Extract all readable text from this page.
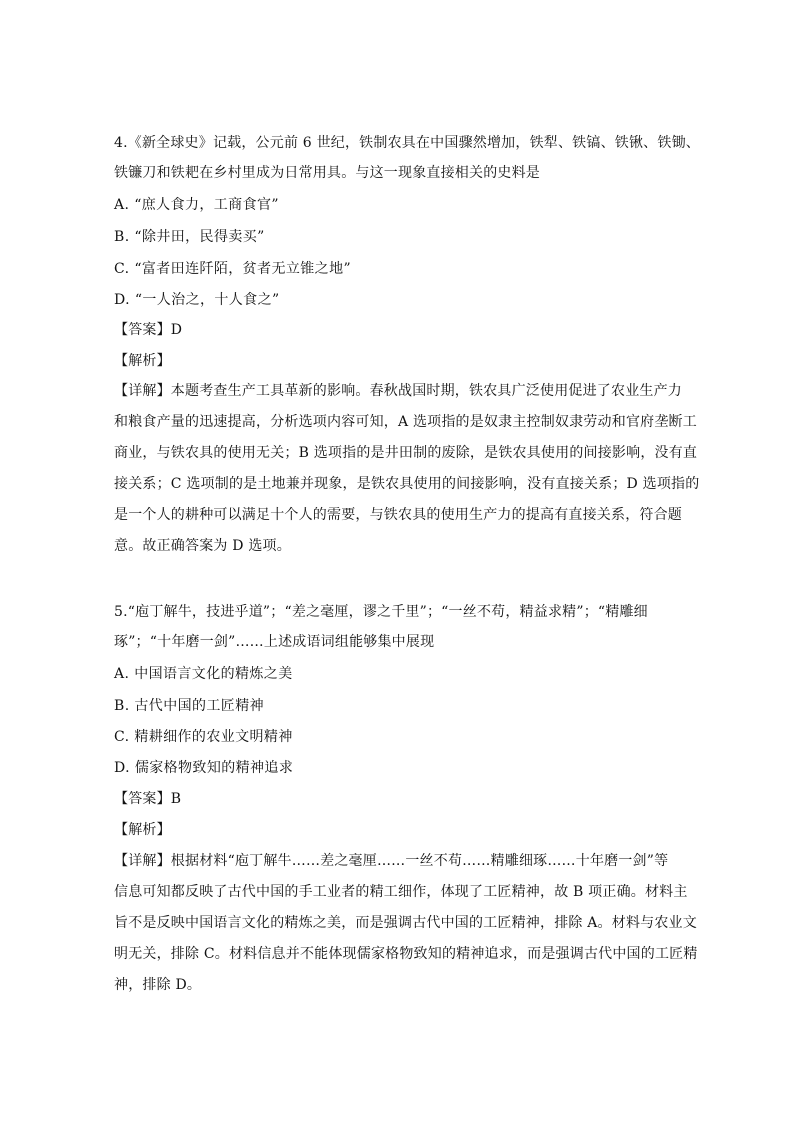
4.《新全球史》记载，公元前 6 世纪，铁制农具在中国骤然增加，铁犁、铁镐、铁锹、铁锄、
铁镰刀和铁耙在乡村里成为日常用具。与这一现象直接相关的史料是
A. “庶人食力，工商食官”
B. “除井田，民得卖买”
C. “富者田连阡陌，贫者无立锥之地”
D. “一人治之，十人食之”
【答案】D
【解析】
【详解】本题考查生产工具革新的影响。春秋战国时期，铁农具广泛使用促进了农业生产力
和粮食产量的迅速提高，分析选项内容可知，A 选项指的是奴隶主控制奴隶劳动和官府垄断工
商业，与铁农具的使用无关；B 选项指的是井田制的废除，是铁农具使用的间接影响，没有直
接关系；C 选项制的是土地兼并现象，是铁农具使用的间接影响，没有直接关系；D 选项指的
是一个人的耕种可以满足十个人的需要，与铁农具的使用生产力的提高有直接关系，符合题
意。故正确答案为 D 选项。
5.“庖丁解牛，技进乎道”；“差之毫厘，谬之千里”；“一丝不苟，精益求精”；“精雕细
琢”；“十年磨一剑”……上述成语词组能够集中展现
A. 中国语言文化的精炼之美
B. 古代中国的工匠精神
C. 精耕细作的农业文明精神
D. 儒家格物致知的精神追求
【答案】B
【解析】
【详解】根据材料“庖丁解牛……差之毫厘……一丝不苟……精雕细琢……十年磨一剑”等
信息可知都反映了古代中国的手工业者的精工细作，体现了工匠精神，故 B 项正确。材料主
旨不是反映中国语言文化的精炼之美，而是强调古代中国的工匠精神，排除 A。材料与农业文
明无关，排除 C。材料信息并不能体现儒家格物致知的精神追求，而是强调古代中国的工匠精
神，排除 D。
